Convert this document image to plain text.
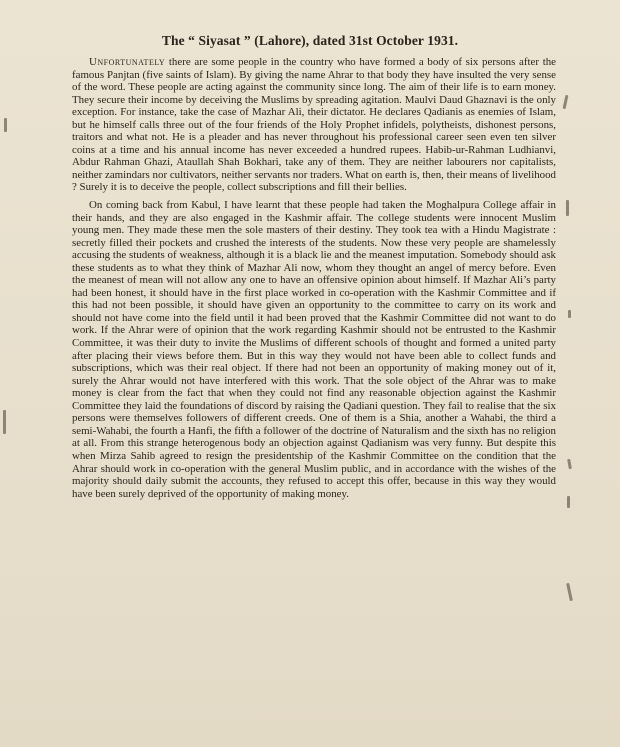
The “ Siyasat ” (Lahore), dated 31st October 1931.

Unfortunately there are some people in the country who have formed a body of six persons after the famous Panjtan (five saints of Islam). By giving the name Ahrar to that body they have insulted the very sense of the word. These people are acting against the community since long. The aim of their life is to earn money. They secure their income by deceiving the Muslims by spreading agitation. Maulvi Daud Ghaznavi is the only exception. For instance, take the case of Mazhar Ali, their dictator. He declares Qadianis as enemies of Islam, but he himself calls three out of the four friends of the Holy Prophet infidels, polytheists, dishonest persons, traitors and what not. He is a pleader and has never throughout his professional career seen even ten silver coins at a time and his annual income has never exceeded a hundred rupees. Habib-ur-Rahman Ludhianvi, Abdur Rahman Ghazi, Ataullah Shah Bokhari, take any of them. They are neither labourers nor capitalists, neither zamindars nor cultivators, neither servants nor traders. What on earth is, then, their means of livelihood ? Surely it is to deceive the people, collect subscriptions and fill their bellies.

On coming back from Kabul, I have learnt that these people had taken the Moghalpura College affair in their hands, and they are also engaged in the Kashmir affair. The college students were innocent Muslim young men. They made these men the sole masters of their destiny. They took tea with a Hindu Magistrate : secretly filled their pockets and crushed the interests of the students. Now these very people are shamelessly accusing the students of weakness, although it is a black lie and the meanest imputation. Somebody should ask these students as to what they think of Mazhar Ali now, whom they thought an angel of mercy before. Even the meanest of mean will not allow any one to have an offensive opinion about himself. If Mazhar Ali’s party had been honest, it should have in the first place worked in co-operation with the Kashmir Committee and if this had not been possible, it should have given an opportunity to the committee to carry on its work and should not have come into the field until it had been proved that the Kashmir Committee did not want to do work. If the Ahrar were of opinion that the work regarding Kashmir should not be entrusted to the Kashmir Committee, it was their duty to invite the Muslims of different schools of thought and formed a united party after placing their views before them. But in this way they would not have been able to collect funds and subscriptions, which was their real object. If there had not been an opportunity of making money out of it, surely the Ahrar would not have interfered with this work. That the sole object of the Ahrar was to make money is clear from the fact that when they could not find any reasonable objection against the Kashmir Committee they laid the foundations of discord by raising the Qadiani question. They fail to realise that the six persons were themselves followers of different creeds. One of them is a Shia, another a Wahabi, the third a semi-Wahabi, the fourth a Hanfi, the fifth a follower of the doctrine of Naturalism and the sixth has no religion at all. From this strange heterogenous body an objection against Qadianism was very funny. But despite this when Mirza Sahib agreed to resign the presidentship of the Kashmir Committee on the condition that the Ahrar should work in co-operation with the general Muslim public, and in accordance with the wishes of the majority should daily submit the accounts, they refused to accept this offer, because in this way they would have been surely deprived of the opportunity of making money.
